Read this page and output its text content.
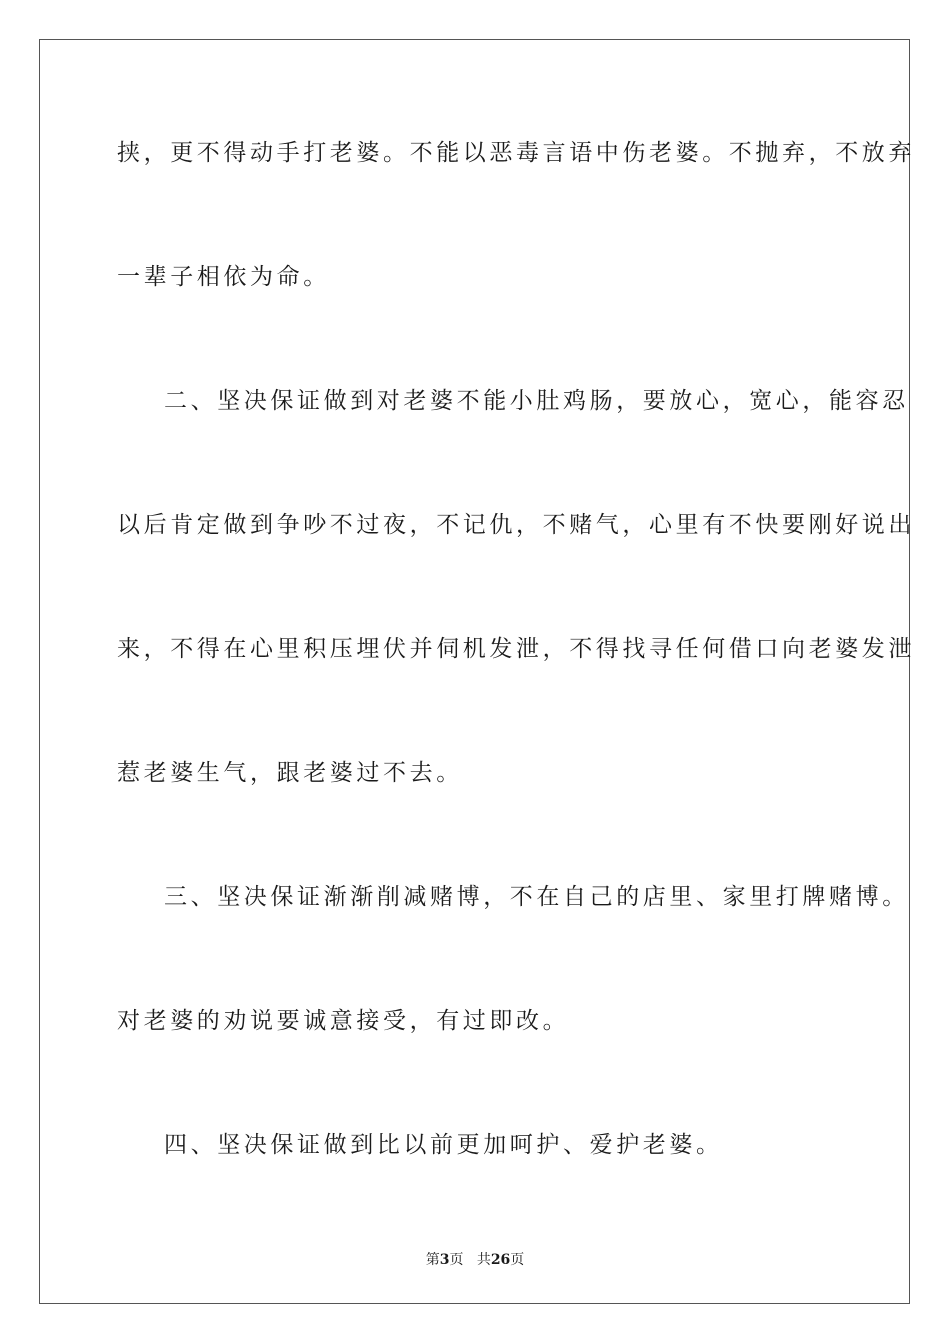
挟，更不得动手打老婆。不能以恶毒言语中伤老婆。不抛弃，不放弃

一辈子相依为命。

二、坚决保证做到对老婆不能小肚鸡肠，要放心，宽心，能容忍

以后肯定做到争吵不过夜，不记仇，不赌气，心里有不快要刚好说出

来，不得在心里积压埋伏并伺机发泄，不得找寻任何借口向老婆发泄

惹老婆生气，跟老婆过不去。

三、坚决保证渐渐削减赌博，不在自己的店里、家里打牌赌博。

对老婆的劝说要诚意接受，有过即改。

四、坚决保证做到比以前更加呵护、爱护老婆。

第3页 共26页
